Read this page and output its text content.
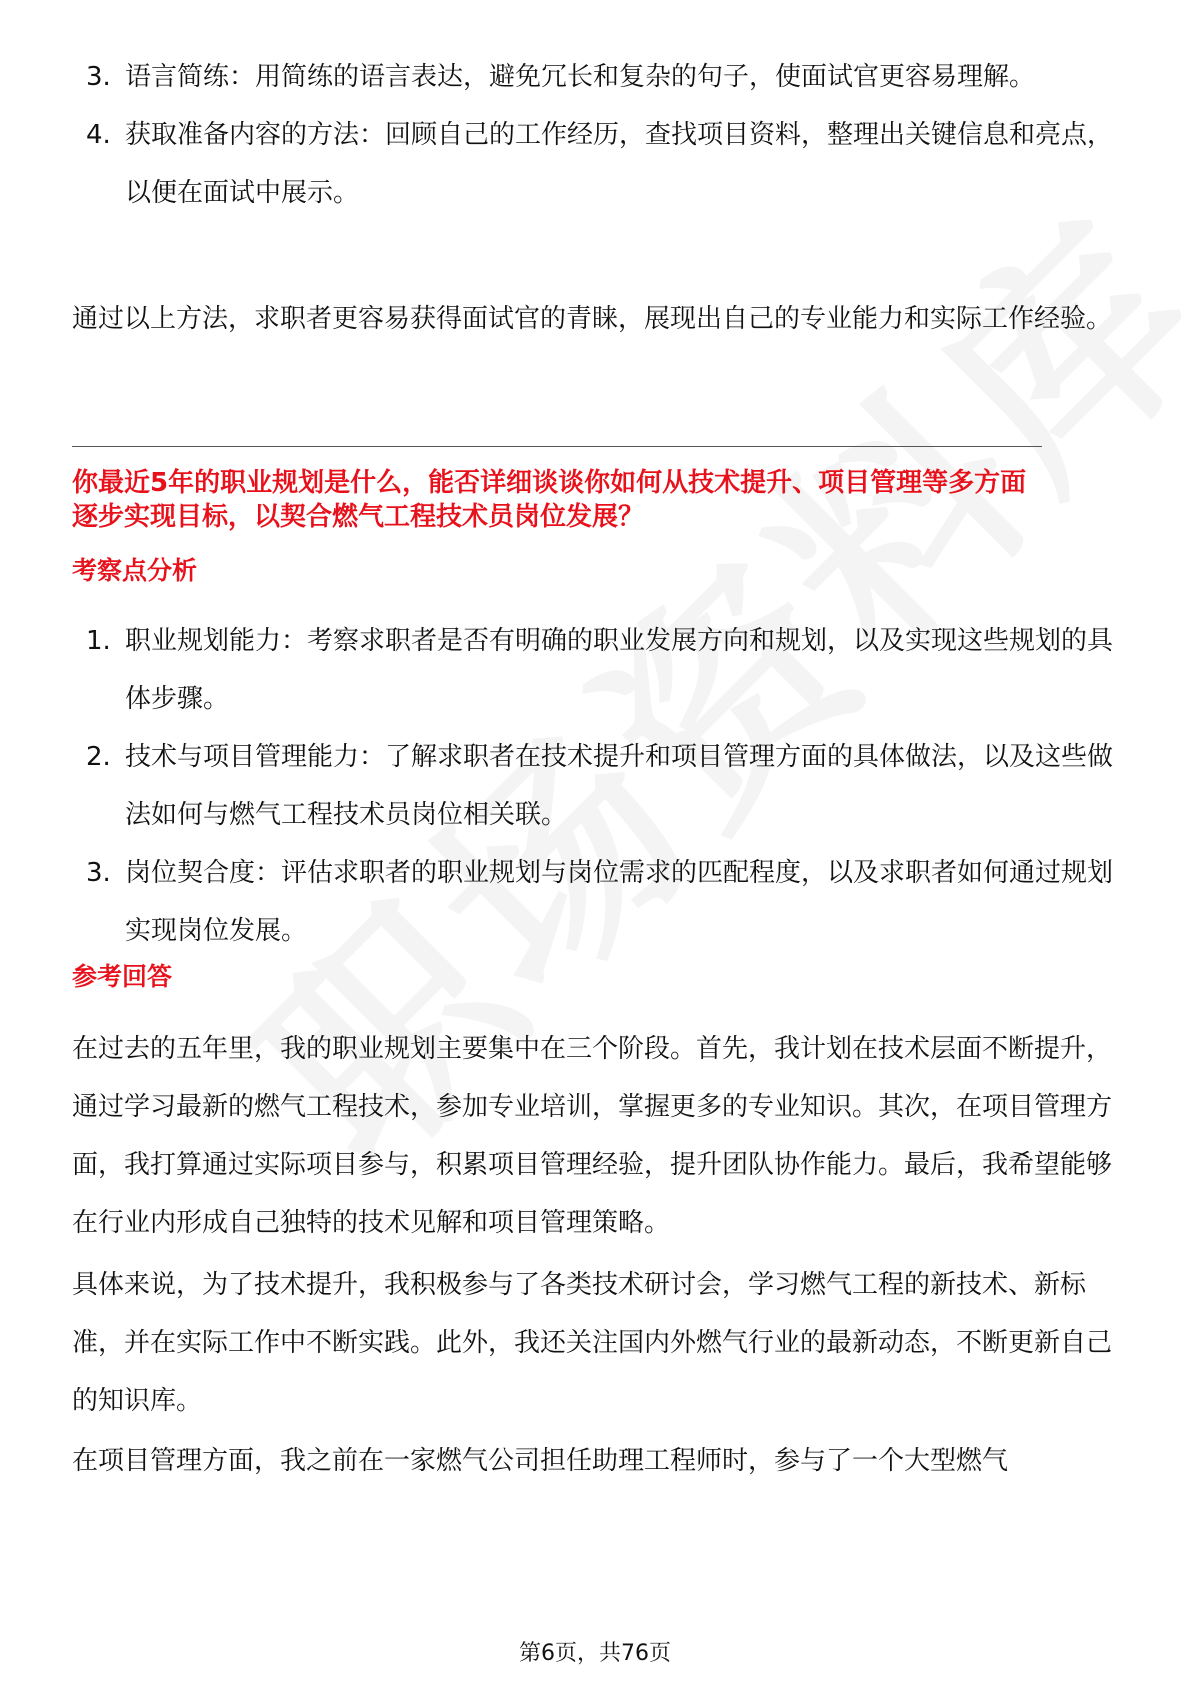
3. 语言简练：用简练的语言表达，避免冗长和复杂的句子，使面试官更容易理解。
4. 获取准备内容的方法：回顾自己的工作经历，查找项目资料，整理出关键信息和亮点，以便在面试中展示。

通过以上方法，求职者更容易获得面试官的青睐，展现出自己的专业能力和实际工作经验。

你最近5年的职业规划是什么，能否详细谈谈你如何从技术提升、项目管理等多方面逐步实现目标，以契合燃气工程技术员岗位发展？

考察点分析

1. 职业规划能力：考察求职者是否有明确的职业发展方向和规划，以及实现这些规划的具体步骤。
2. 技术与项目管理能力：了解求职者在技术提升和项目管理方面的具体做法，以及这些做法如何与燃气工程技术员岗位相关联。
3. 岗位契合度：评估求职者的职业规划与岗位需求的匹配程度，以及求职者如何通过规划实现岗位发展。

参考回答

在过去的五年里，我的职业规划主要集中在三个阶段。首先，我计划在技术层面不断提升，通过学习最新的燃气工程技术，参加专业培训，掌握更多的专业知识。其次，在项目管理方面，我打算通过实际项目参与，积累项目管理经验，提升团队协作能力。最后，我希望能够在行业内形成自己独特的技术见解和项目管理策略。

具体来说，为了技术提升，我积极参与了各类技术研讨会，学习燃气工程的新技术、新标准，并在实际工作中不断实践。此外，我还关注国内外燃气行业的最新动态，不断更新自己的知识库。

在项目管理方面，我之前在一家燃气公司担任助理工程师时，参与了一个大型燃气

第6页，共76页
